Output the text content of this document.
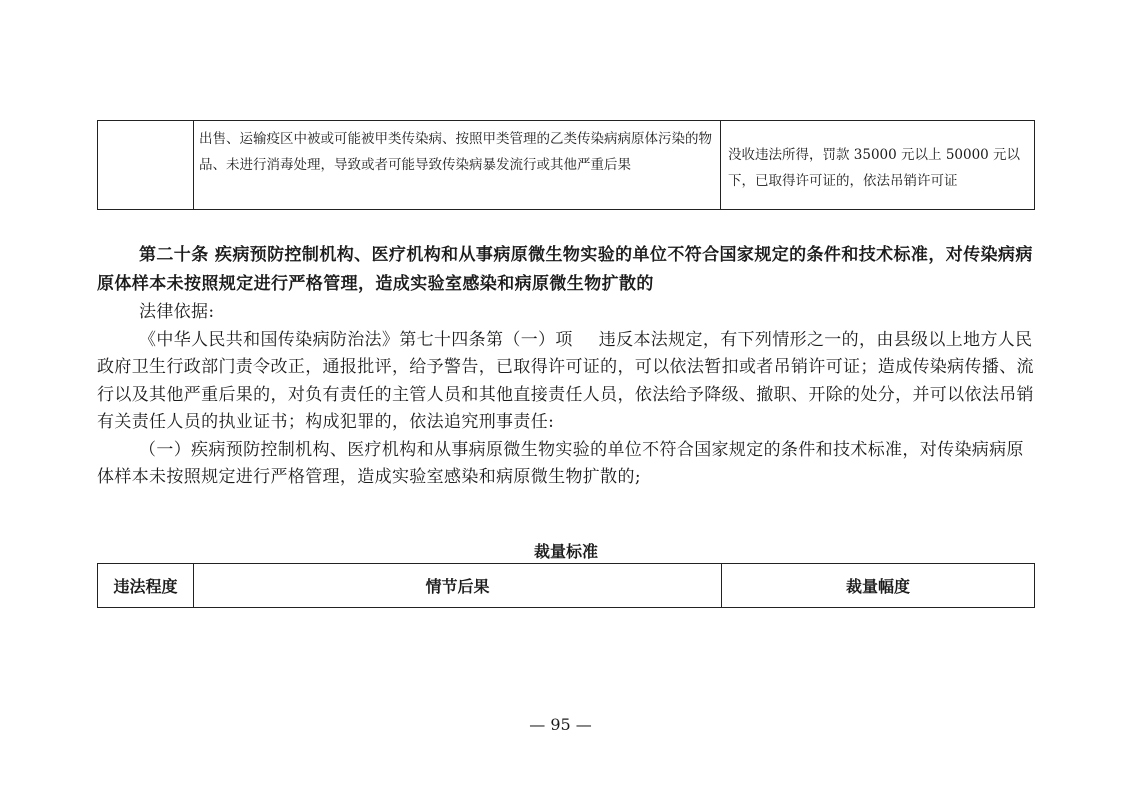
出售、运输疫区中被或可能被甲类传染病、按照甲类管理的乙类传染病病原体污染的物品、未进行消毒处理，导致或者可能导致传染病暴发流行或其他严重后果
没收违法所得，罚款 35000 元以上 50000 元以下，已取得许可证的，依法吊销许可证

第二十条 疾病预防控制机构、医疗机构和从事病原微生物实验的单位不符合国家规定的条件和技术标准，对传染病病原体样本未按照规定进行严格管理，造成实验室感染和病原微生物扩散的

法律依据:

《中华人民共和国传染病防治法》第七十四条第（一）项 违反本法规定，有下列情形之一的，由县级以上地方人民政府卫生行政部门责令改正，通报批评，给予警告，已取得许可证的，可以依法暂扣或者吊销许可证；造成传染病传播、流行以及其他严重后果的，对负有责任的主管人员和其他直接责任人员，依法给予降级、撤职、开除的处分，并可以依法吊销有关责任人员的执业证书；构成犯罪的，依法追究刑事责任:

（一）疾病预防控制机构、医疗机构和从事病原微生物实验的单位不符合国家规定的条件和技术标准，对传染病病原体样本未按照规定进行严格管理，造成实验室感染和病原微生物扩散的;

裁量标准
违法程度	情节后果	裁量幅度
— 95 —
